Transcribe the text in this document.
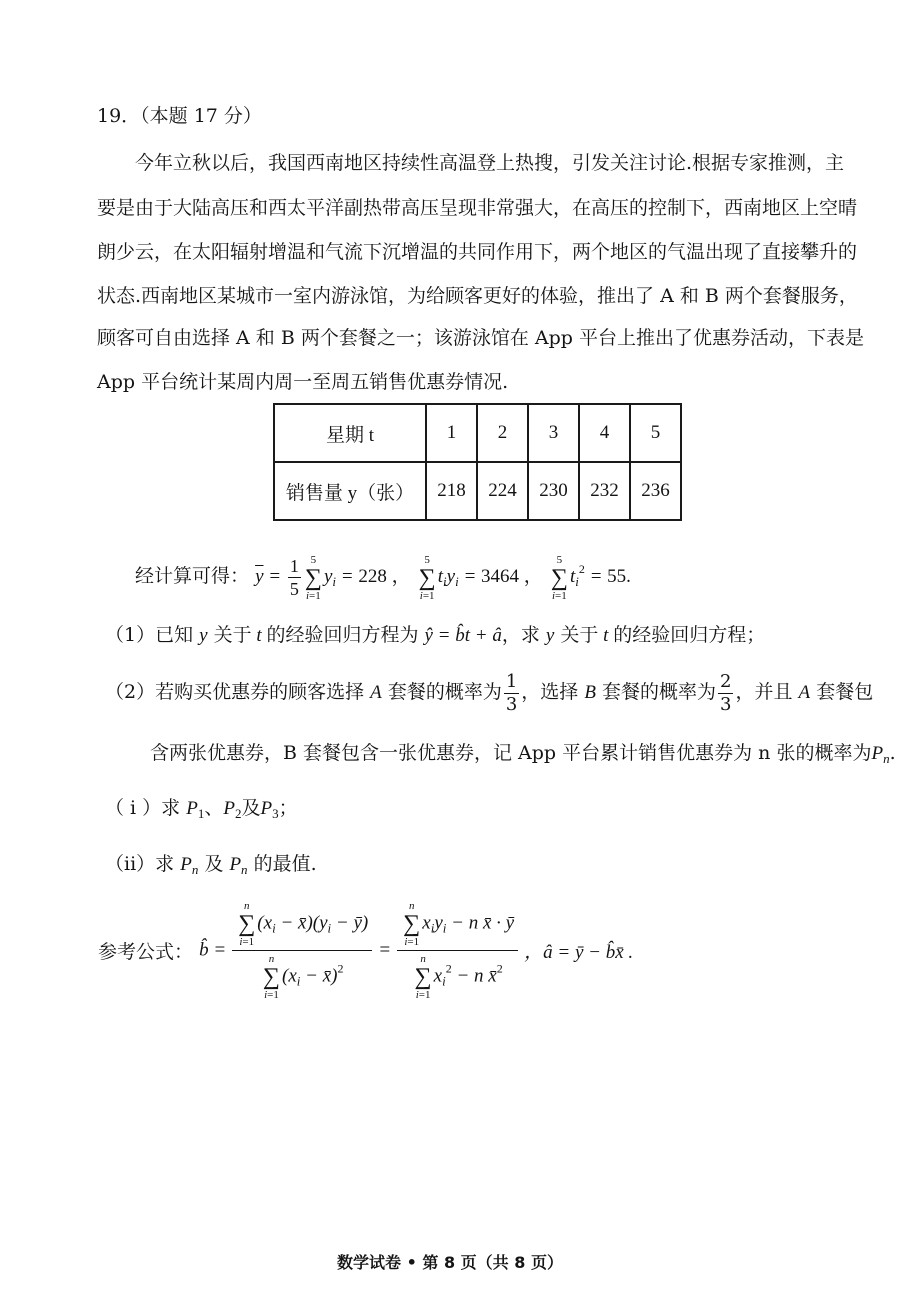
19．（本题 17 分）
今年立秋以后，我国西南地区持续性高温登上热搜，引发关注讨论.根据专家推测，主
要是由于大陆高压和西太平洋副热带高压呈现非常强大，在高压的控制下，西南地区上空晴
朗少云，在太阳辐射增温和气流下沉增温的共同作用下，两个地区的气温出现了直接攀升的
状态.西南地区某城市一室内游泳馆，为给顾客更好的体验，推出了 A 和 B 两个套餐服务，
顾客可自由选择 A 和 B 两个套餐之一；该游泳馆在 App 平台上推出了优惠券活动，下表是
App 平台统计某周内周一至周五销售优惠券情况.
星期 t	1	2	3	4	5
销售量 y（张）	218	224	230	232	236
经计算可得： $\overline{y} = \frac{1}{5} 5$
∑
i=1
$y_i = 228$ ，
5
∑
i=1
$t_iy_i = 3464$ ，
5
∑
i=1
$t_i^2 = 55$.
（1）已知 y 关于 t 的经验回归方程为 ŷ = b̂t + â，求 y 关于 t 的经验回归方程；
（2）若购买优惠券的顾客选择 A 套餐的概率为 $\frac{1}{3}$ ，选择 B 套餐的概率为 $\frac{2}{3}$ ，并且 A 套餐包
含两张优惠券，B 套餐包含一张优惠券，记 App 平台累计销售优惠券为 n 张的概率为$P_n$.
（ i ）求 $P_1$、$P_2$及$P_3$；
（ii）求 $P_n$ 及 $P_n$ 的最值.
参考公式： b̂ = n
∑
i=1
($x_i$ − $x̄)(y_i$ − ȳ)
n
∑
i=1
($x_i$ − x̄)$^2$ = n
∑
i=1
$x_iy_i - n$ x̄ · ȳ
n
∑
i=1
$x_i^2 - n$ x̄$^2$ ，â = ȳ − b̂x̄ .
数学试卷 • 第 8 页（共 8 页）
